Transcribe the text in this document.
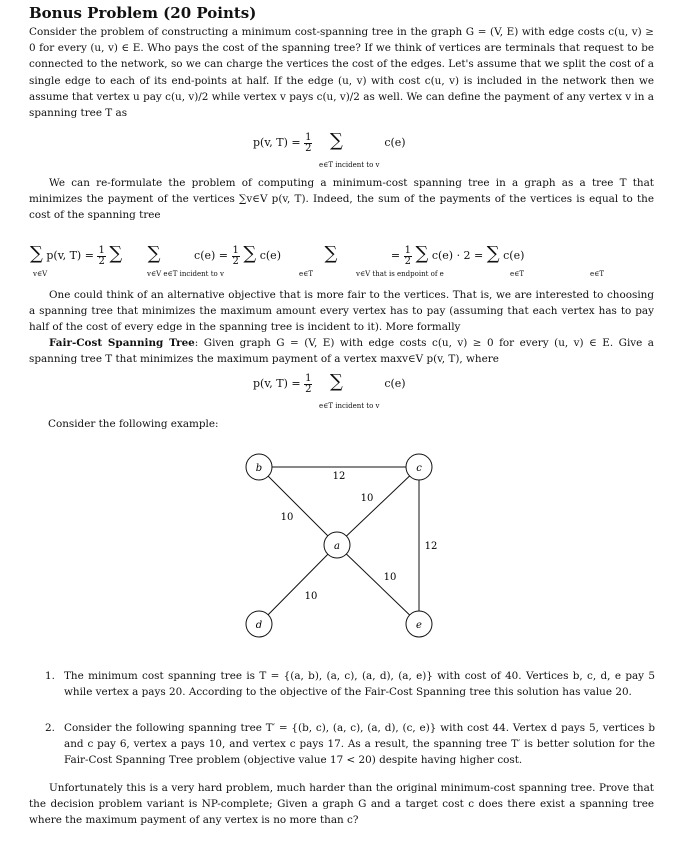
Bonus Problem (20 Points)

Consider the problem of constructing a minimum cost-spanning tree in the graph G = (V, E) with edge costs c(u, v) ≥ 0 for every (u, v) ∈ E. Who pays the cost of the spanning tree? If we think of vertices are terminals that request to be connected to the network, so we can charge the vertices the cost of the edges. Let's assume that we split the cost of a single edge to each of its end-points at half. If the edge (u, v) with cost c(u, v) is included in the network then we assume that vertex u pay c(u, v)/2 while vertex v pays c(u, v)/2 as well. We can define the payment of any vertex v in a spanning tree T as

p(v, $T) = \frac{1}{2}$ ∑	c(e)
e∈T incident to v

We can re-formulate the problem of computing a minimum-cost spanning tree in a graph as a tree T that minimizes the payment of the vertices ∑v∈V p(v, T). Indeed, the sum of the payments of the vertices is equal to the cost of the spanning tree

∑ p(v, $T) = \frac{1}{2}$ ∑ ∑	$c(e) = \frac{1}{2}$ ∑ c(e) ∑	= $\frac{1}{2}$ ∑ c(e) · 2 = ∑ c(e)
v∈V	v∈V e∈T incident to v	e∈T	v∈V that is endpoint of e	e∈T	e∈T

One could think of an alternative objective that is more fair to the vertices. That is, we are interested to choosing a spanning tree that minimizes the maximum amount every vertex has to pay (assuming that each vertex has to pay half of the cost of every edge in the spanning tree is incident to it). More formally

Fair-Cost Spanning Tree: Given graph G = (V, E) with edge costs c(u, v) ≥ 0 for every (u, v) ∈ E. Give a spanning tree T that minimizes the maximum payment of a vertex maxv∈V p(v, T), where

p(v, $T) = \frac{1}{2}$ ∑	c(e)
e∈T incident to v
Consider the following example:
b	c
a
d	e
12
10
10
12
10
10
1. The minimum cost spanning tree is T = {(a, b), (a, c), (a, d), (a, e)} with cost of 40. Vertices b, c, d, e pay 5 while vertex a pays 20. According to the objective of the Fair-Cost Spanning tree this solution has value 20.
2. Consider the following spanning tree T′ = {(b, c), (a, c), (a, d), (c, e)} with cost 44. Vertex d pays 5, vertices b and c pay 6, vertex a pays 10, and vertex c pays 17. As a result, the spanning tree T′ is better solution for the Fair-Cost Spanning Tree problem (objective value 17 < 20) despite having higher cost.

Unfortunately this is a very hard problem, much harder than the original minimum-cost spanning tree. Prove that the decision problem variant is NP-complete; Given a graph G and a target cost c does there exist a spanning tree where the maximum payment of any vertex is no more than c?
